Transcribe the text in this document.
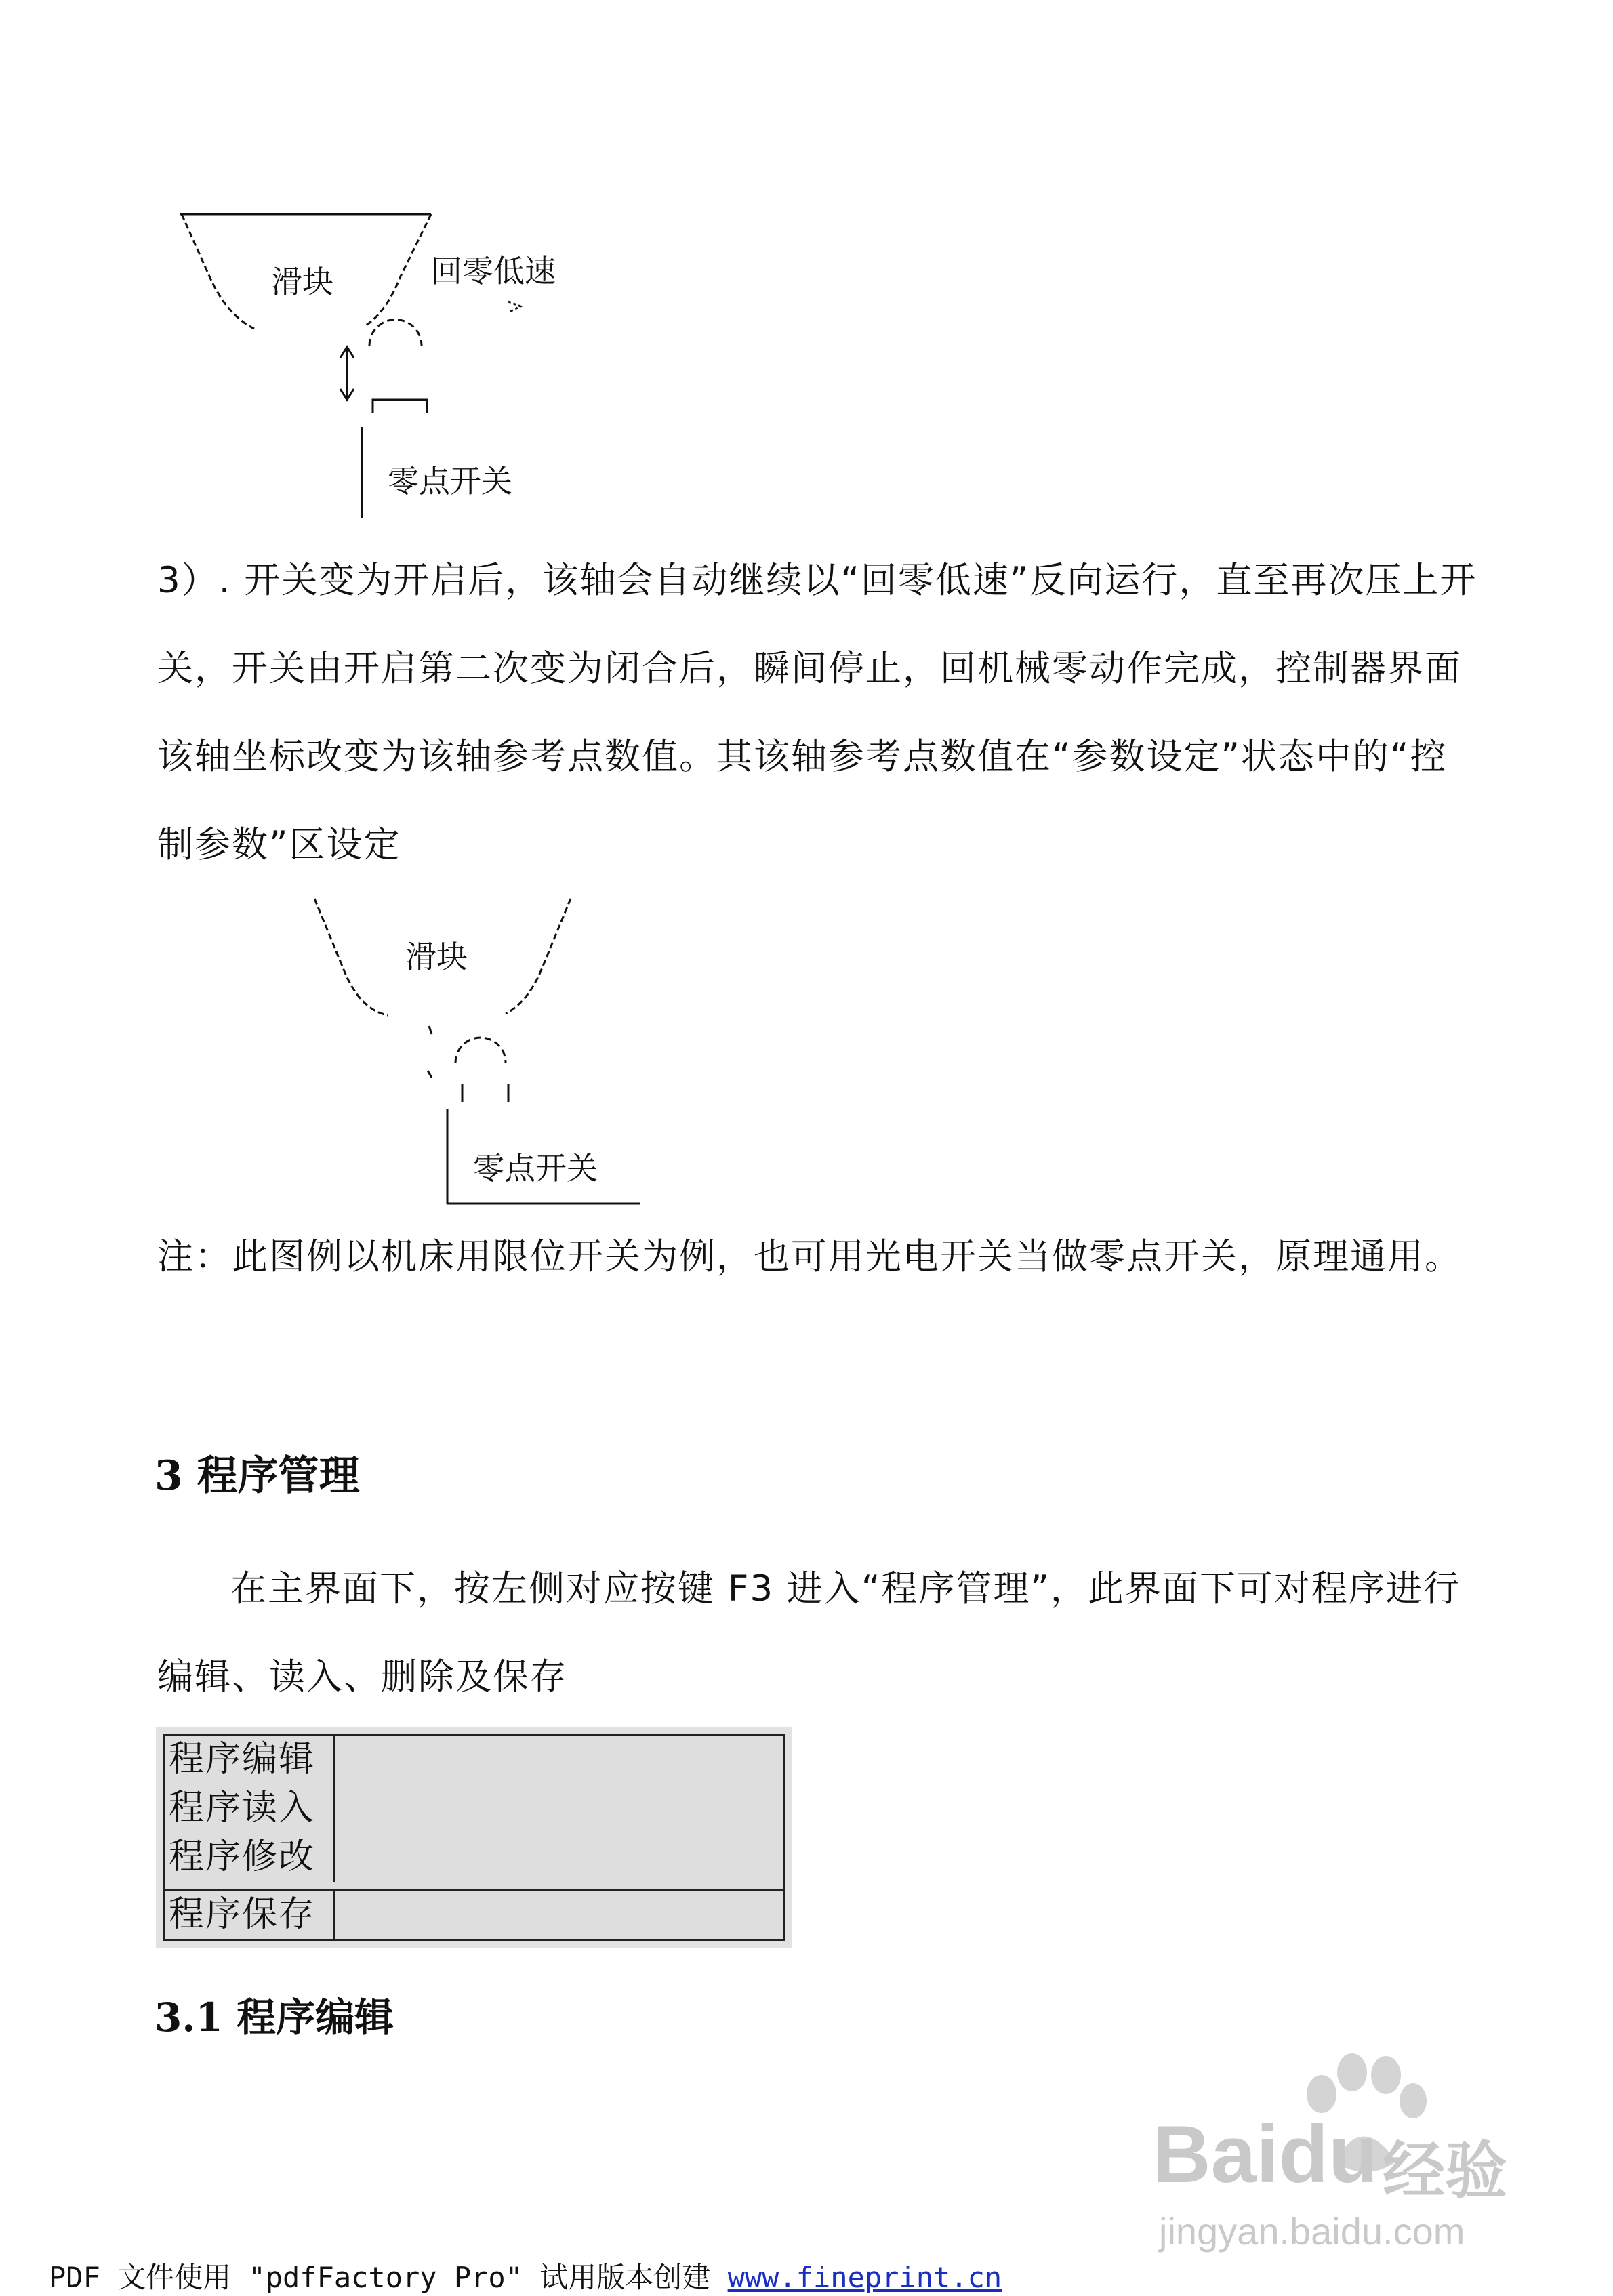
滑块	回零低速
零点开关

3）. 开关变为开启后，该轴会自动继续以“回零低速”反向运行，直至再次压上开关，开关由开启第二次变为闭合后，瞬间停止，回机械零动作完成，控制器界面该轴坐标改变为该轴参考点数值。其该轴参考点数值在“参数设定”状态中的“控制参数”区设定

滑块
零点开关

注：此图例以机床用限位开关为例，也可用光电开关当做零点开关，原理通用。

3 程序管理

在主界面下，按左侧对应按键 F3 进入“程序管理”，此界面下可对程序进行编辑、读入、删除及保存

程序编辑
程序读入
程序修改
程序保存
3.1 程序编辑
Baidu 经验
jingyan.baidu.com
PDF 文件使用 "pdfFactory Pro" 试用版本创建 www.fineprint.cn
